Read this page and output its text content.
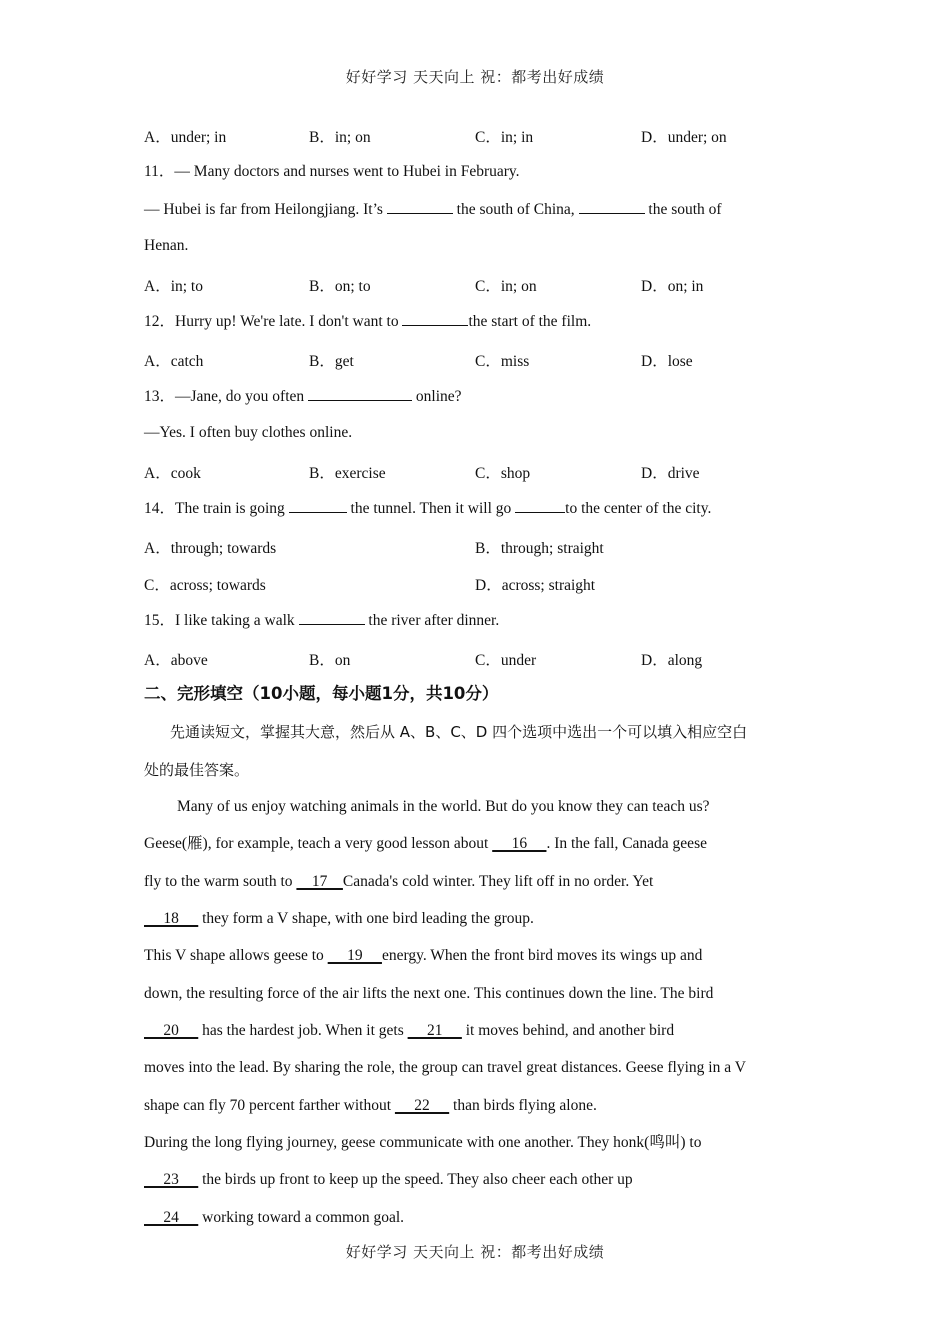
好好学习 天天向上 祝：都考出好成绩
A．under; in	B．in; on	C．in; in	D．under; on
11．— Many doctors and nurses went to Hubei in February.
— Hubei is far from Heilongjiang. It’s	the south of China,	the south of
Henan.
A．in; to	B．on; to	C．in; on	D．on; in
12．Hurry up! We're late. I don't want to	the start of the film.
A．catch	B．get	C．miss	D．lose
13．—Jane, do you often	online?
—Yes. I often buy clothes online.
A．cook	B．exercise	C．shop	D．drive
14．The train is going	the tunnel. Then it will go	to the center of the city.
A．through; towards	B．through; straight
C．across; towards	D．across; straight
15．I like taking a walk	the river after dinner.
A．above	B．on	C．under	D．along
二、完形填空（10小题，每小题1分，共10分）
先通读短文，掌握其大意，然后从 A、B、C、D 四个选项中选出一个可以填入相应空白
处的最佳答案。
Many of us enjoy watching animals in the world. But do you know they can teach us?
Geese(雁), for example, teach a very good lesson about      16     . In the fall, Canada geese
fly to the warm south to     17    Canada's cold winter. They lift off in no order. Yet
18      they form a V shape, with one bird leading the group.
This V shape allows geese to      19     energy. When the front bird moves its wings up and
down, the resulting force of the air lifts the next one. This continues down the line. The bird
20      has the hardest job. When it gets      21      it moves behind, and another bird
moves into the lead. By sharing the role, the group can travel great distances. Geese flying in a V
shape can fly 70 percent farther without      22      than birds flying alone.
During the long flying journey, geese communicate with one another. They honk(鸣叫) to
23      the birds up front to keep up the speed. They also cheer each other up
24      working toward a common goal.
好好学习 天天向上 祝：都考出好成绩
